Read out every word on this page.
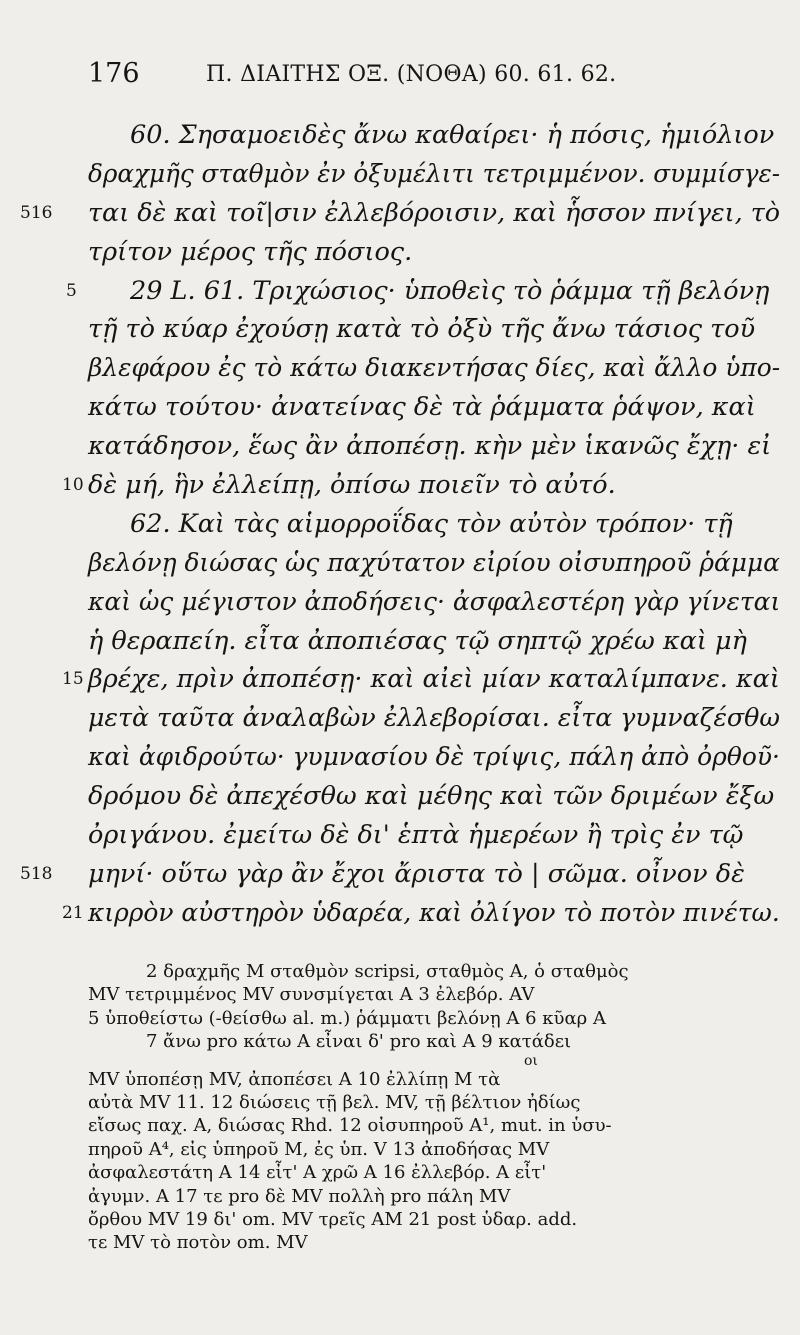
176	Π. ΔΙΑΙΤΗΣ ΟΞ. (ΝΟΘΑ) 60. 61. 62.
60. Σησαμοειδὲς ἄνω καθαίρει· ἡ πόσις, ἡμιόλιον
δραχμῆς σταθμὸν ἐν ὀξυμέλιτι τετριμμένον. συμμίσγε-
516 ται δὲ καὶ τοῖ|σιν ἐλλεβόροισιν, καὶ ἧσσον πνίγει, τὸ
τρίτον μέρος τῆς πόσιος.
5 29 L. 61. Τριχώσιος· ὑποθεὶς τὸ ῥάμμα τῇ βελόνῃ
τῇ τὸ κύαρ ἐχούσῃ κατὰ τὸ ὀξὺ τῆς ἄνω τάσιος τοῦ
βλεφάρου ἐς τὸ κάτω διακεντήσας δίες, καὶ ἄλλο ὑπο-
κάτω τούτου· ἀνατείνας δὲ τὰ ῥάμματα ῥάψον, καὶ
κατάδησον, ἕως ἂν ἀποπέσῃ. κὴν μὲν ἱκανῶς ἔχῃ· εἰ
10 δὲ μή, ἣν ἐλλείπῃ, ὀπίσω ποιεῖν τὸ αὐτό.
62. Καὶ τὰς αἱμορροΐδας τὸν αὐτὸν τρόπον· τῇ
βελόνῃ διώσας ὡς παχύτατον εἰρίου οἰσυπηροῦ ῥάμμα
καὶ ὡς μέγιστον ἀποδήσεις· ἀσφαλεστέρη γὰρ γίνεται
ἡ θεραπείη. εἶτα ἀποπιέσας τῷ σηπτῷ χρέω καὶ μὴ
15 βρέχε, πρὶν ἀποπέσῃ· καὶ αἰεὶ μίαν καταλίμπανε. καὶ
μετὰ ταῦτα ἀναλαβὼν ἐλλεβορίσαι. εἶτα γυμναζέσθω
καὶ ἀφιδρούτω· γυμνασίου δὲ τρίψις, πάλη ἀπὸ ὀρθοῦ·
δρόμου δὲ ἀπεχέσθω καὶ μέθης καὶ τῶν δριμέων ἔξω
ὀριγάνου. ἐμείτω δὲ δι' ἑπτὰ ἡμερέων ἢ τρὶς ἐν τῷ
518 μηνί· οὕτω γὰρ ἂν ἔχοι ἄριστα τὸ | σῶμα. οἶνον δὲ
21 κιρρὸν αὐστηρὸν ὑδαρέα, καὶ ὀλίγον τὸ ποτὸν πινέτω.
2 δραχμῆς M σταθμὸν scripsi, σταθμὸς A, ὁ σταθμὸς
MV τετριμμένος MV συνσμίγεται A 3 ἐλεβόρ. AV
5 ὑποθείστω (-θείσθω al. m.) ῥάμματι βελόνῃ A 6 κῦαρ A
7 ἄνω pro κάτω A εἶναι δ' pro καὶ A 9 κατάδει
οι
MV ὑποπέσῃ MV, ἀποπέσει A 10 ἐλλίπῃ M τὰ
αὐτὰ MV 11. 12 διώσεις τῇ βελ. MV, τῇ βέλτιον ἠδίως
εἴσως παχ. A, διώσας Rhd. 12 οἰσυπηροῦ A¹, mut. in ὑσυ-
πηροῦ A⁴, εἰς ὑπηροῦ M, ἐς ὑπ. V 13 ἀποδήσας MV
ἀσφαλεστάτη A 14 εἶτ' A χρῶ A 16 ἐλλεβόρ. A εἶτ'
ἀγυμν. A 17 τε pro δὲ MV πολλὴ pro πάλη MV
ὄρθου MV 19 δι' om. MV τρεῖς AM 21 post ὑδαρ. add.
τε MV τὸ ποτὸν om. MV
